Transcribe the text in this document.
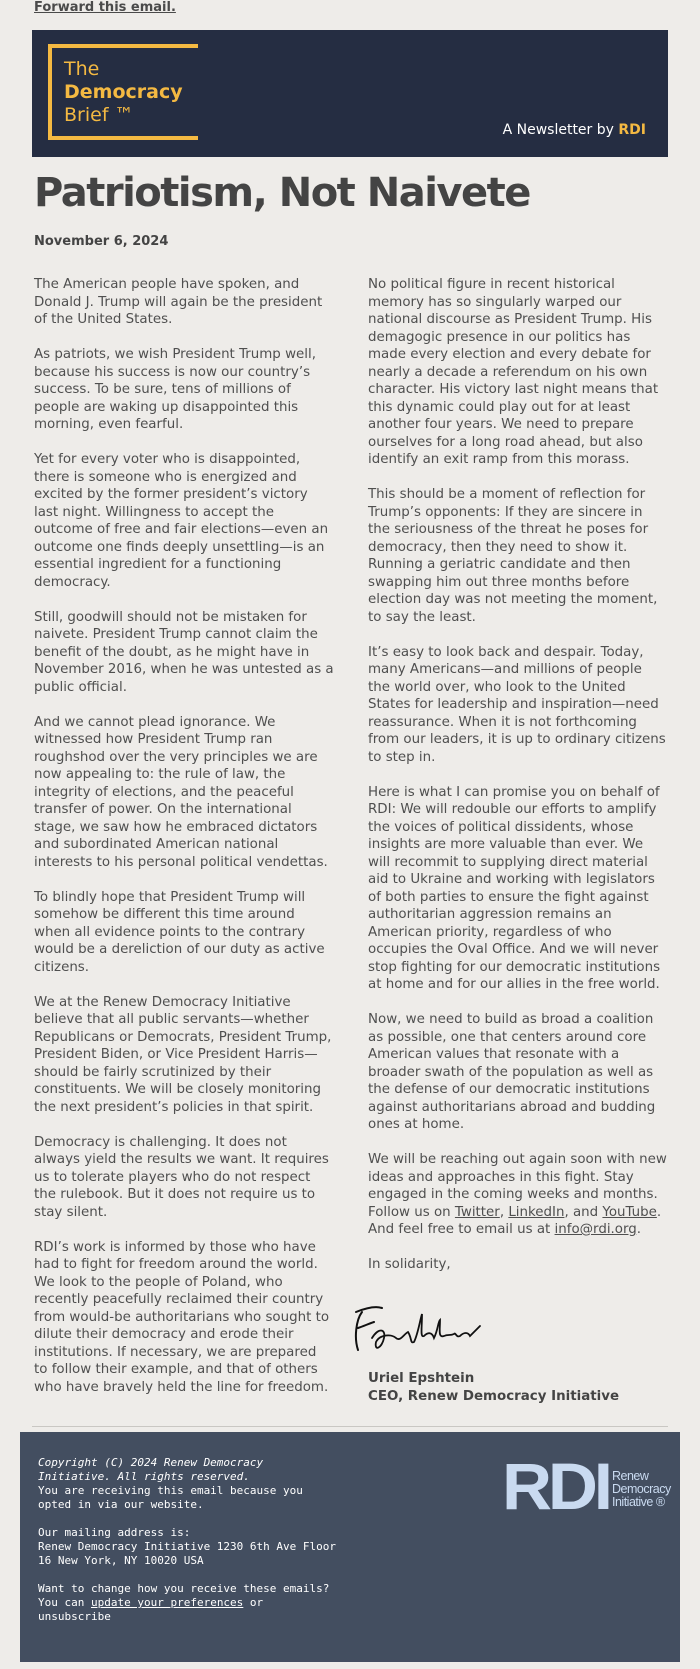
Forward this email.
The
Democracy
Brief ™
A Newsletter by RDI
Patriotism, Not Naivete
November 6, 2024

The American people have spoken, and Donald J. Trump will again be the president of the United States.

As patriots, we wish President Trump well, because his success is now our country’s success. To be sure, tens of millions of people are waking up disappointed this morning, even fearful.

Yet for every voter who is disappointed, there is someone who is energized and excited by the former president’s victory last night. Willingness to accept the outcome of free and fair elections—even an outcome one finds deeply unsettling—is an essential ingredient for a functioning democracy.

Still, goodwill should not be mistaken for naivete. President Trump cannot claim the benefit of the doubt, as he might have in November 2016, when he was untested as a public official.

And we cannot plead ignorance. We witnessed how President Trump ran roughshod over the very principles we are now appealing to: the rule of law, the integrity of elections, and the peaceful transfer of power. On the international stage, we saw how he embraced dictators and subordinated American national interests to his personal political vendettas.

To blindly hope that President Trump will somehow be different this time around when all evidence points to the contrary would be a dereliction of our duty as active citizens.

We at the Renew Democracy Initiative believe that all public servants—whether Republicans or Democrats, President Trump, President Biden, or Vice President Harris—should be fairly scrutinized by their constituents. We will be closely monitoring the next president’s policies in that spirit.

Democracy is challenging. It does not always yield the results we want. It requires us to tolerate players who do not respect the rulebook. But it does not require us to stay silent.

RDI’s work is informed by those who have had to fight for freedom around the world. We look to the people of Poland, who recently peacefully reclaimed their country from would-be authoritarians who sought to dilute their democracy and erode their institutions. If necessary, we are prepared to follow their example, and that of others who have bravely held the line for freedom.

No political figure in recent historical memory has so singularly warped our national discourse as President Trump. His demagogic presence in our politics has made every election and every debate for nearly a decade a referendum on his own character. His victory last night means that this dynamic could play out for at least another four years. We need to prepare ourselves for a long road ahead, but also identify an exit ramp from this morass.

This should be a moment of reflection for Trump’s opponents: If they are sincere in the seriousness of the threat he poses for democracy, then they need to show it. Running a geriatric candidate and then swapping him out three months before election day was not meeting the moment, to say the least.

It’s easy to look back and despair. Today, many Americans—and millions of people the world over, who look to the United States for leadership and inspiration—need reassurance. When it is not forthcoming from our leaders, it is up to ordinary citizens to step in.

Here is what I can promise you on behalf of RDI: We will redouble our efforts to amplify the voices of political dissidents, whose insights are more valuable than ever. We will recommit to supplying direct material aid to Ukraine and working with legislators of both parties to ensure the fight against authoritarian aggression remains an American priority, regardless of who occupies the Oval Office. And we will never stop fighting for our democratic institutions at home and for our allies in the free world.

Now, we need to build as broad a coalition as possible, one that centers around core American values that resonate with a broader swath of the population as well as the defense of our democratic institutions against authoritarians abroad and budding ones at home.

We will be reaching out again soon with new ideas and approaches in this fight. Stay engaged in the coming weeks and months. Follow us on Twitter, LinkedIn, and YouTube. And feel free to email us at info@rdi.org.

In solidarity,

Uriel Epshtein
CEO, Renew Democracy Initiative

Copyright (C) 2024 Renew Democracy Initiative. All rights reserved.
You are receiving this email because you opted in via our website.

Our mailing address is:
Renew Democracy Initiative 1230 6th Ave Floor 16 New York, NY 10020 USA

Want to change how you receive these emails?
You can update your preferences or
unsubscribe

RDI Renew
Democracy
Initiative ®
